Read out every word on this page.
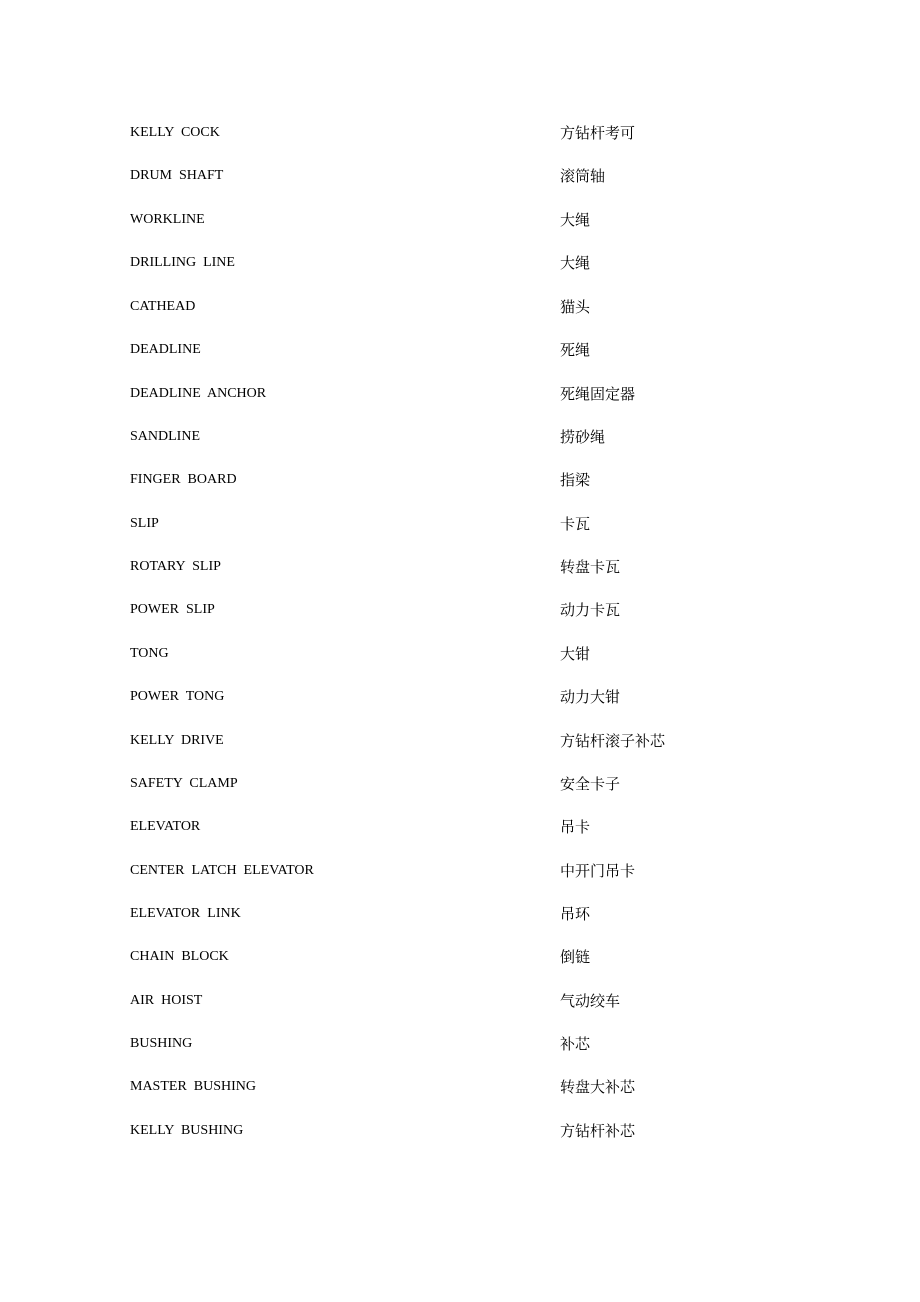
KELLY  COCK	方钻杆考可
DRUM  SHAFT	滚筒轴
WORKLINE	大绳
DRILLING  LINE	大绳
CATHEAD	猫头
DEADLINE	死绳
DEADLINE  ANCHOR	死绳固定器
SANDLINE	捞砂绳
FINGER  BOARD	指梁
SLIP	卡瓦
ROTARY  SLIP	转盘卡瓦
POWER  SLIP	动力卡瓦
TONG	大钳
POWER  TONG	动力大钳
KELLY  DRIVE	方钻杆滚子补芯
SAFETY  CLAMP	安全卡子
ELEVATOR	吊卡
CENTER  LATCH  ELEVATOR	中开门吊卡
ELEVATOR  LINK	吊环
CHAIN  BLOCK	倒链
AIR  HOIST	气动绞车
BUSHING	补芯
MASTER  BUSHING	转盘大补芯
KELLY  BUSHING	方钻杆补芯
